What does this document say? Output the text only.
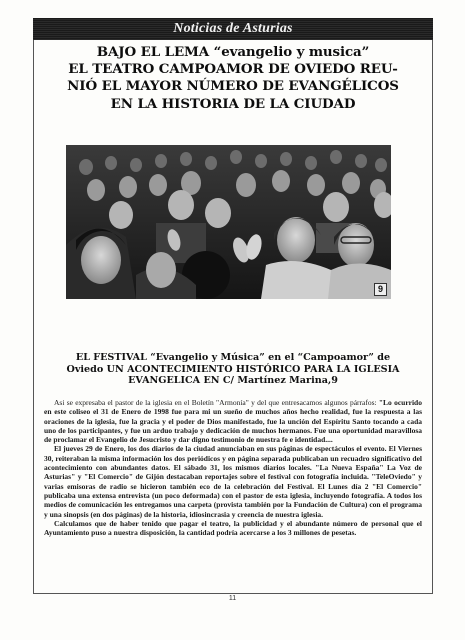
Noticias de Asturias
BAJO EL LEMA “evangelio y musica”
EL TEATRO CAMPOAMOR DE OVIEDO REU-
NIÓ EL MAYOR NÚMERO DE EVANGÉLICOS
EN LA HISTORIA DE LA CIUDAD
9
EL FESTIVAL “Evangelio y Música” en el “Campoamor” de
Oviedo UN ACONTECIMIENTO HISTÓRICO PARA LA IGLESIA
EVANGELICA EN C/ Martínez Marina,9

Asi se expresaba el pastor de la iglesia en el Boletín "Armonía" y del que entresacamos algunos párrafos: "Lo ocurrido en este coliseo el 31 de Enero de 1998 fue para mi un sueño de muchos años hecho realidad, fue la respuesta a las oraciones de la iglesia, fue la gracia y el poder de Dios manifestado, fue la unción del Espíritu Santo tocando a cada uno de los participantes, y fue un arduo trabajo y dedicación de muchos hermanos. Fue una oportunidad maravillosa de proclamar el Evangelio de Jesucristo y dar digno testimonio de nuestra fe e identidad....

El jueves 29 de Enero, los dos diarios de la ciudad anunciaban en sus páginas de espectáculos el evento. El Viernes 30, reiteraban la misma información los dos periódicos y en página separada publicaban un recuadro significativo del acontecimiento con abundantes datos. El sábado 31, los mismos diarios locales. "La Nueva España" La Voz de Asturias" y "El Comercio" de Gijón destacaban reportajes sobre el festival con fotografía incluida. "TeleOviedo" y varias emisoras de radio se hicieron también eco de la celebración del Festival. El Lunes día 2 "El Comercio" publicaba una extensa entrevista (un poco deformada) con el pastor de esta iglesia, incluyendo fotografía. A todos los medios de comunicación les entregamos una carpeta (provista también por la Fundación de Cultura) con el programa y una sinopsis (en dos páginas) de la historia, idiosincrasia y creencia de nuestra iglesia.

Calculamos que de haber tenido que pagar el teatro, la publicidad y el abundante número de personal que el Ayuntamiento puso a nuestra disposición, la cantidad podría acercarse a los 3 millones de pesetas.

11
